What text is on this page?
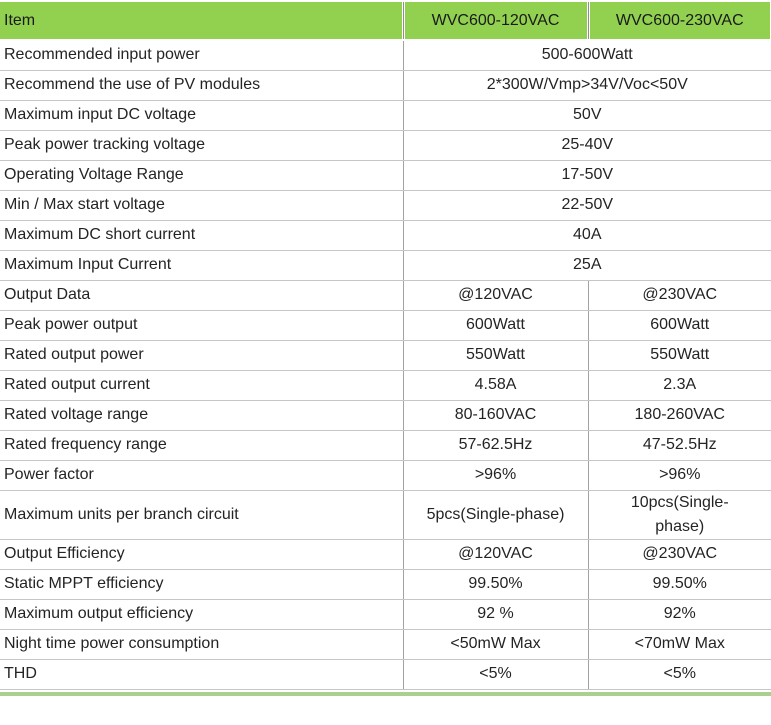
Item	WVC600-120VAC	WVC600-230VAC
Recommended input power	500-600Watt	
Recommend the use of PV modules	2*300W/Vmp>34V/Voc<50V	
Maximum input DC voltage	50V	
Peak power tracking voltage	25-40V	
Operating Voltage Range	17-50V	
Min / Max start voltage	22-50V	
Maximum DC short current	40A	
Maximum Input Current	25A	
Output Data	@120VAC	@230VAC
Peak power output	600Watt	600Watt
Rated output power	550Watt	550Watt
Rated output current	4.58A	2.3A
Rated voltage range	80-160VAC	180-260VAC
Rated frequency range	57-62.5Hz	47-52.5Hz
Power factor	>96%	>96%
Maximum units per branch circuit	5pcs(Single-phase)	10pcs(Single-phase)
Output Efficiency	@120VAC	@230VAC
Static MPPT efficiency	99.50%	99.50%
Maximum output efficiency	92 %	92%
Night time power consumption	<50mW Max	<70mW Max
THD	<5%	<5%
